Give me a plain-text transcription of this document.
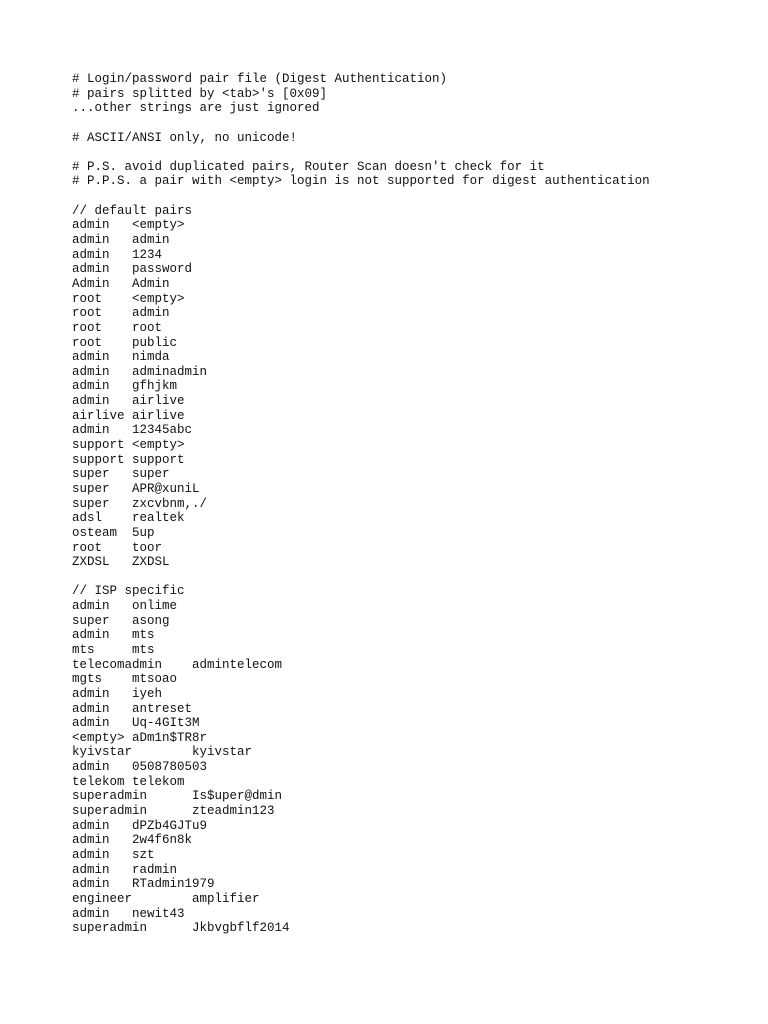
# Login/password pair file (Digest Authentication)
# pairs splitted by <tab>'s [0x09]
...other strings are just ignored
# ASCII/ANSI only, no unicode!
# P.S. avoid duplicated pairs, Router Scan doesn't check for it
# P.P.S. a pair with <empty> login is not supported for digest authentication
// default pairs
admin   <empty>
admin   admin
admin   1234
admin   password
Admin   Admin
root    <empty>
root    admin
root    root
root    public
admin   nimda
admin   adminadmin
admin   gfhjkm
admin   airlive
airlive airlive
admin   12345abc
support <empty>
support support
super   super
super   APR@xuniL
super   zxcvbnm,./
adsl    realtek
osteam  5up
root    toor
ZXDSL   ZXDSL
// ISP specific
admin   onlime
super   asong
admin   mts
mts     mts
telecomadmin    admintelecom
mgts    mtsoao
admin   iyeh
admin   antreset
admin   Uq-4GIt3M
<empty> aDm1n$TR8r
kyivstar        kyivstar
admin   0508780503
telekom telekom
superadmin      Is$uper@dmin
superadmin      zteadmin123
admin   dPZb4GJTu9
admin   2w4f6n8k
admin   szt
admin   radmin
admin   RTadmin1979
engineer        amplifier
admin   newit43
superadmin      Jkbvgbflf2014
